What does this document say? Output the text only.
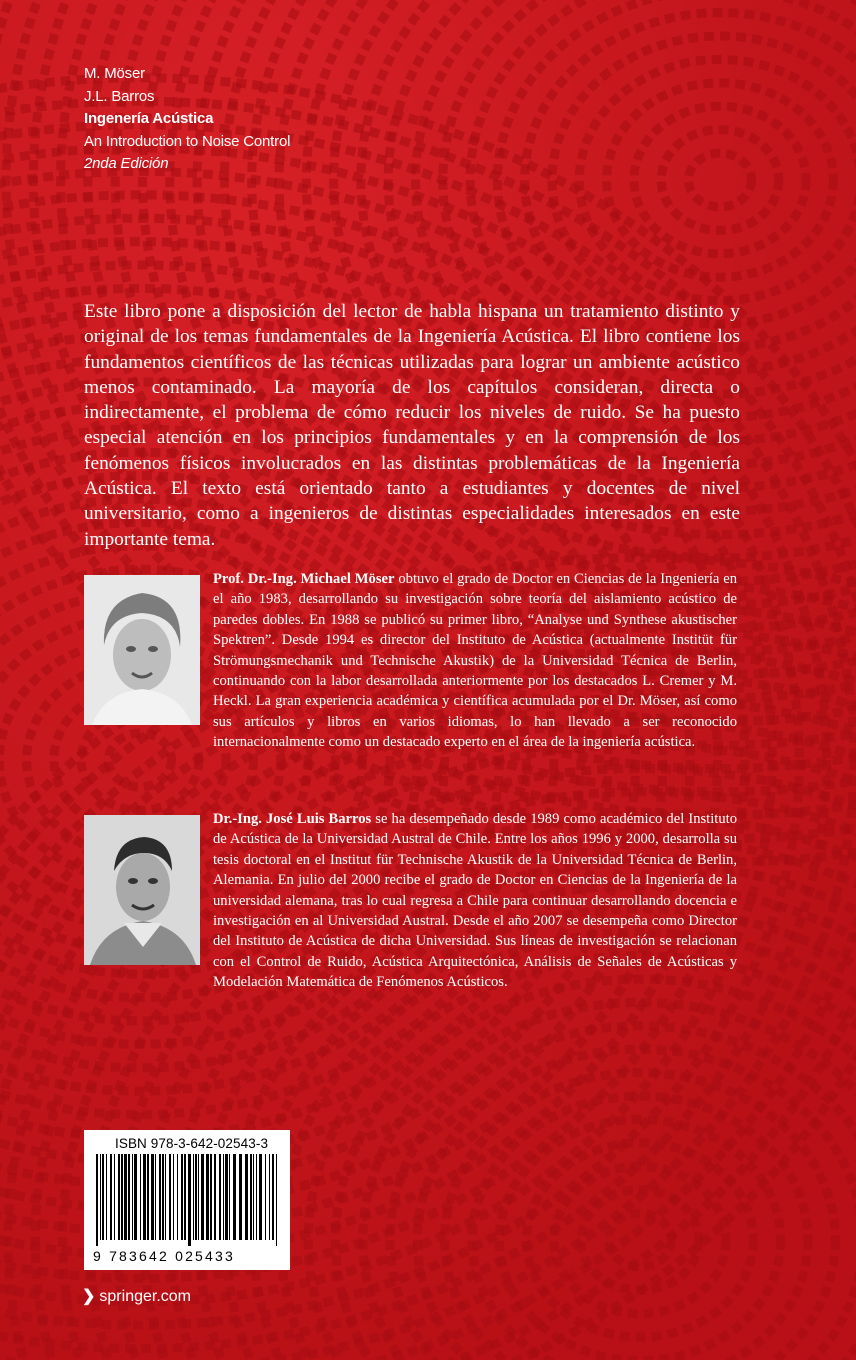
M. Möser
J.L. Barros
Ingenería Acústica
An Introduction to Noise Control
2nda Edición

Este libro pone a disposición del lector de habla hispana un tratamiento distinto y original de los temas fundamentales de la Ingeniería Acústica. El libro contiene los fundamentos científicos de las técnicas utilizadas para lograr un ambiente acústico menos contaminado. La mayoría de los capítulos consideran, directa o indirectamente, el problema de cómo reducir los niveles de ruido. Se ha puesto especial atención en los principios fundamentales y en la comprensión de los fenómenos físicos involucrados en las distintas problemáticas de la Ingeniería Acústica. El texto está orientado tanto a estudiantes y docentes de nivel universitario, como a ingenieros de distintas especialidades interesados en este importante tema.

Prof. Dr.-Ing. Michael Möser obtuvo el grado de Doctor en Ciencias de la Ingeniería en el año 1983, desarrollando su investigación sobre teoría del aislamiento acústico de paredes dobles. En 1988 se publicó su primer libro, “Analyse und Synthese akustischer Spektren”. Desde 1994 es director del Instituto de Acústica (actualmente Institüt für Strömungsmechanik und Technische Akustik) de la Universidad Técnica de Berlin, continuando con la labor desarrollada anteriormente por los destacados L. Cremer y M. Heckl. La gran experiencia académica y científica acumulada por el Dr. Möser, así como sus artículos y libros en varios idiomas, lo han llevado a ser reconocido internacionalmente como un destacado experto en el área de la ingeniería acústica.

Dr.-Ing. José Luis Barros se ha desempeñado desde 1989 como académico del Instituto de Acústica de la Universidad Austral de Chile. Entre los años 1996 y 2000, desarrolla su tesis doctoral en el Institut für Technische Akustik de la Universidad Técnica de Berlin, Alemania. En julio del 2000 recibe el grado de Doctor en Ciencias de la Ingeniería de la universidad alemana, tras lo cual regresa a Chile para continuar desarrollando docencia e investigación en al Universidad Austral. Desde el año 2007 se desempeña como Director del Instituto de Acústica de dicha Universidad. Sus líneas de investigación se relacionan con el Control de Ruido, Acústica Arquitectónica, Análisis de Señales de Acústicas y Modelación Matemática de Fenómenos Acústicos.

ISBN 978-3-642-02543-3
9 783642 025433
❯ springer.com
